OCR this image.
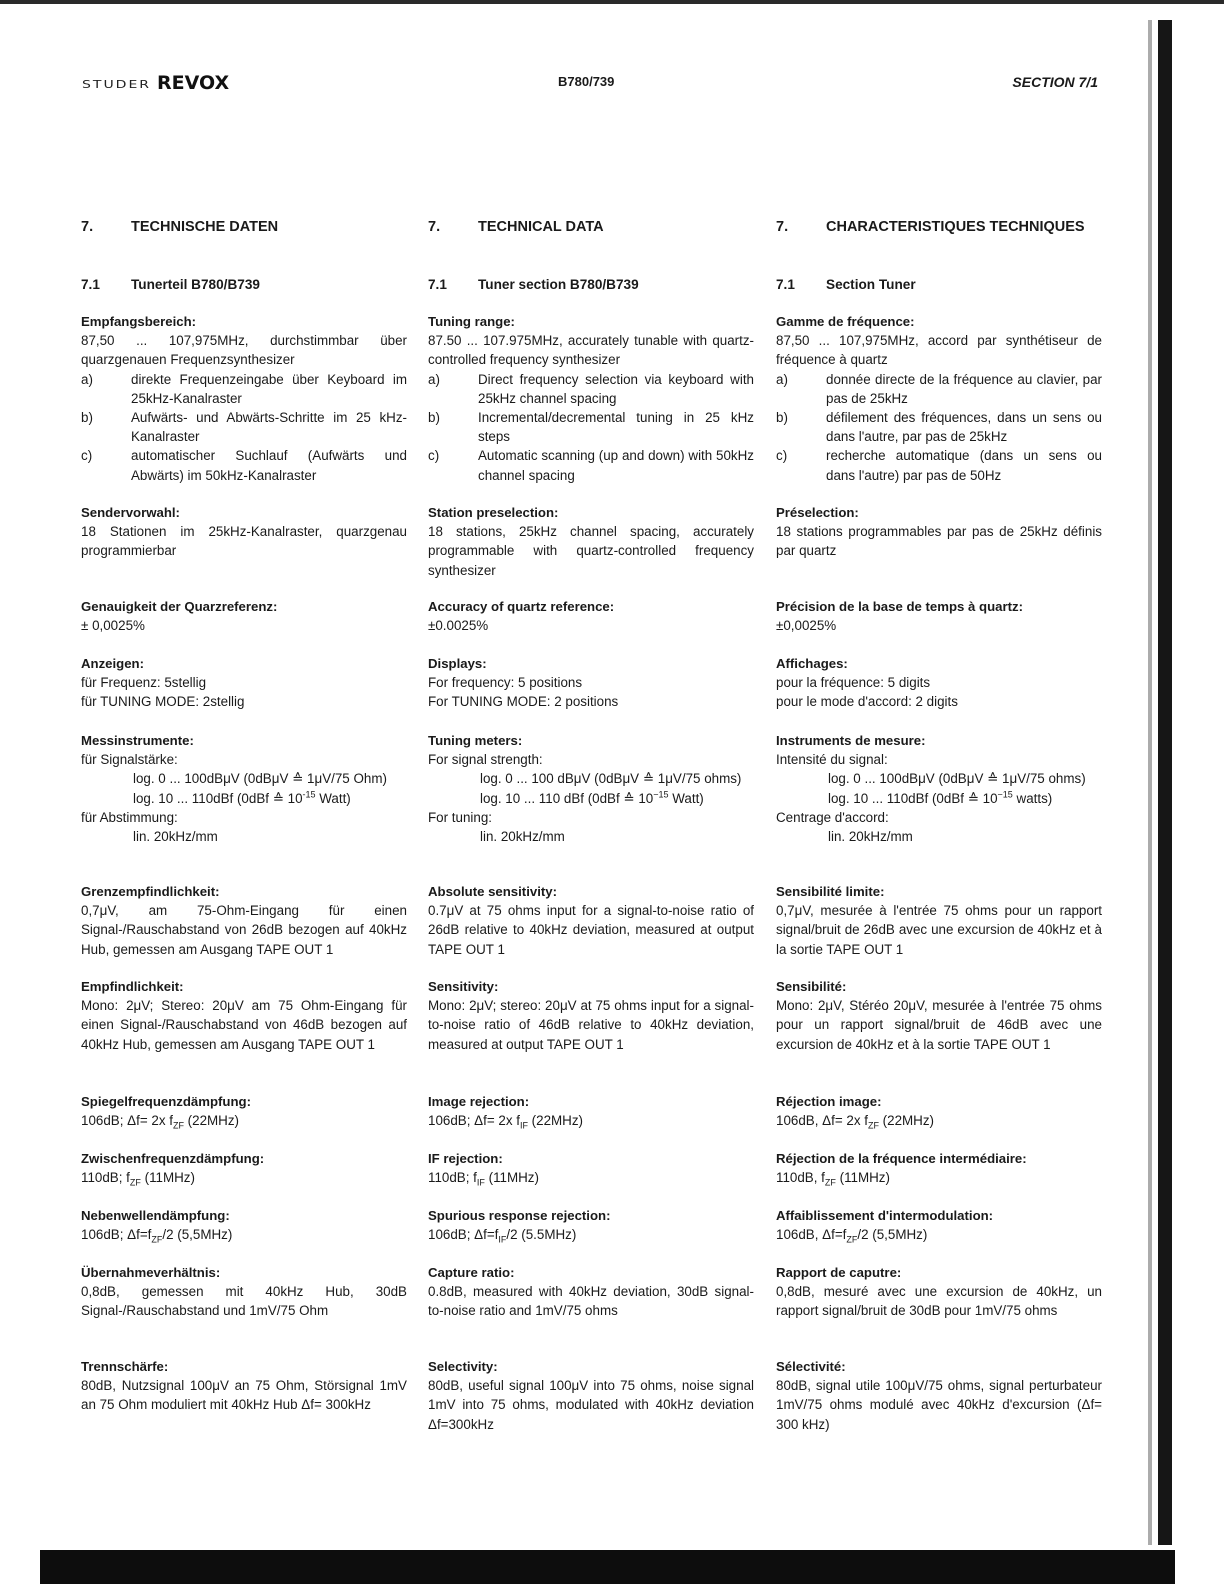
STUDER REVOX	B780/739	SECTION 7/1
7.	TECHNISCHE DATEN
7.1	Tunerteil B780/B739
Empfangsbereich:
87,50 ... 107,975MHz, durchstimmbar über quarzgenauen Frequenzsynthesizer
a)	direkte Frequenzeingabe über Keyboard im 25kHz-Kanalraster
b)	Aufwärts- und Abwärts-Schritte im 25 kHz-Kanalraster
c)	automatischer Suchlauf (Aufwärts und Abwärts) im 50kHz-Kanalraster
Sendervorwahl:
18 Stationen im 25kHz-Kanalraster, quarzgenau programmierbar
Genauigkeit der Quarzreferenz:
± 0,0025%
Anzeigen:
für Frequenz: 5stellig
für TUNING MODE: 2stellig
Messinstrumente:
für Signalstärke:
log. 0 ... 100dBμV (0dBμV ≙ 1μV/75 Ohm)
log. 10 ... 110dBf (0dBf ≙ $10^{-15}$ Watt)
für Abstimmung:
lin. 20kHz/mm
Grenzempfindlichkeit:
0,7μV, am 75-Ohm-Eingang für einen Signal-/Rauschabstand von 26dB bezogen auf 40kHz Hub, gemessen am Ausgang TAPE OUT 1
Empfindlichkeit:
Mono: 2μV; Stereo: 20μV am 75 Ohm-Eingang für einen Signal-/Rauschabstand von 46dB bezogen auf 40kHz Hub, gemessen am Ausgang TAPE OUT 1
Spiegelfrequenzdämpfung:
106dB; Δf= 2x $f_{ZF}$ (22MHz)
Zwischenfrequenzdämpfung:
110dB; $f_{ZF}$ (11MHz)
Nebenwellendämpfung:
106dB; $\Delta f=f_{ZF}/2$ (5,5MHz)
Übernahmeverhältnis:
0,8dB, gemessen mit 40kHz Hub, 30dB Signal-/Rauschabstand und 1mV/75 Ohm
Trennschärfe:
80dB, Nutzsignal 100μV an 75 Ohm, Störsignal 1mV an 75 Ohm moduliert mit 40kHz Hub Δf= 300kHz
7.	TECHNICAL DATA
7.1	Tuner section B780/B739
Tuning range:
87.50 ... 107.975MHz, accurately tunable with quartz-controlled frequency synthesizer
a)	Direct frequency selection via keyboard with 25kHz channel spacing
b)	Incremental/decremental tuning in 25 kHz steps
c)	Automatic scanning (up and down) with 50kHz channel spacing
Station preselection:
18 stations, 25kHz channel spacing, accurately programmable with quartz-controlled frequency synthesizer
Accuracy of quartz reference:
±0.0025%
Displays:
For frequency: 5 positions
For TUNING MODE: 2 positions
Tuning meters:
For signal strength:
log. 0 ... 100 dBμV (0dBμV ≙ 1μV/75 ohms)
log. 10 ... 110 dBf (0dBf ≙ $10^{-15}$ Watt)
For tuning:
lin. 20kHz/mm
Absolute sensitivity:
0.7μV at 75 ohms input for a signal-to-noise ratio of 26dB relative to 40kHz deviation, measured at output TAPE OUT 1
Sensitivity:
Mono: 2μV; stereo: 20μV at 75 ohms input for a signal-to-noise ratio of 46dB relative to 40kHz deviation, measured at output TAPE OUT 1
Image rejection:
106dB; Δf= 2x $f_{IF}$ (22MHz)
IF rejection:
110dB; $f_{IF}$ (11MHz)
Spurious response rejection:
106dB; $\Delta f=f_{IF}/2$ (5.5MHz)
Capture ratio:
0.8dB, measured with 40kHz deviation, 30dB signal-to-noise ratio and 1mV/75 ohms
Selectivity:
80dB, useful signal 100μV into 75 ohms, noise signal 1mV into 75 ohms, modulated with 40kHz deviation Δf=300kHz
7.	CHARACTERISTIQUES TECHNIQUES
7.1	Section Tuner
Gamme de fréquence:
87,50 ... 107,975MHz, accord par synthétiseur de fréquence à quartz
a)	donnée directe de la fréquence au clavier, par pas de 25kHz
b)	défilement des fréquences, dans un sens ou dans l'autre, par pas de 25kHz
c)	recherche automatique (dans un sens ou dans l'autre) par pas de 50Hz
Préselection:
18 stations programmables par pas de 25kHz définis par quartz
Précision de la base de temps à quartz:
±0,0025%
Affichages:
pour la fréquence: 5 digits
pour le mode d'accord: 2 digits
Instruments de mesure:
Intensité du signal:
log. 0 ... 100dBμV (0dBμV ≙ 1μV/75 ohms)
log. 10 ... 110dBf (0dBf ≙ $10^{-15}$ watts)
Centrage d'accord:
lin. 20kHz/mm
Sensibilité limite:
0,7μV, mesurée à l'entrée 75 ohms pour un rapport signal/bruit de 26dB avec une excursion de 40kHz et à la sortie TAPE OUT 1
Sensibilité:
Mono: 2μV, Stéréo 20μV, mesurée à l'entrée 75 ohms pour un rapport signal/bruit de 46dB avec une excursion de 40kHz et à la sortie TAPE OUT 1
Réjection image:
106dB, Δf= 2x $f_{ZF}$ (22MHz)
Réjection de la fréquence intermédiaire:
110dB, $f_{ZF}$ (11MHz)
Affaiblissement d'intermodulation:
106dB, $\Delta f=f_{ZF}/2$ (5,5MHz)
Rapport de caputre:
0,8dB, mesuré avec une excursion de 40kHz, un rapport signal/bruit de 30dB pour 1mV/75 ohms
Sélectivité:
80dB, signal utile 100μV/75 ohms, signal perturbateur 1mV/75 ohms modulé avec 40kHz d'excursion (Δf= 300 kHz)
